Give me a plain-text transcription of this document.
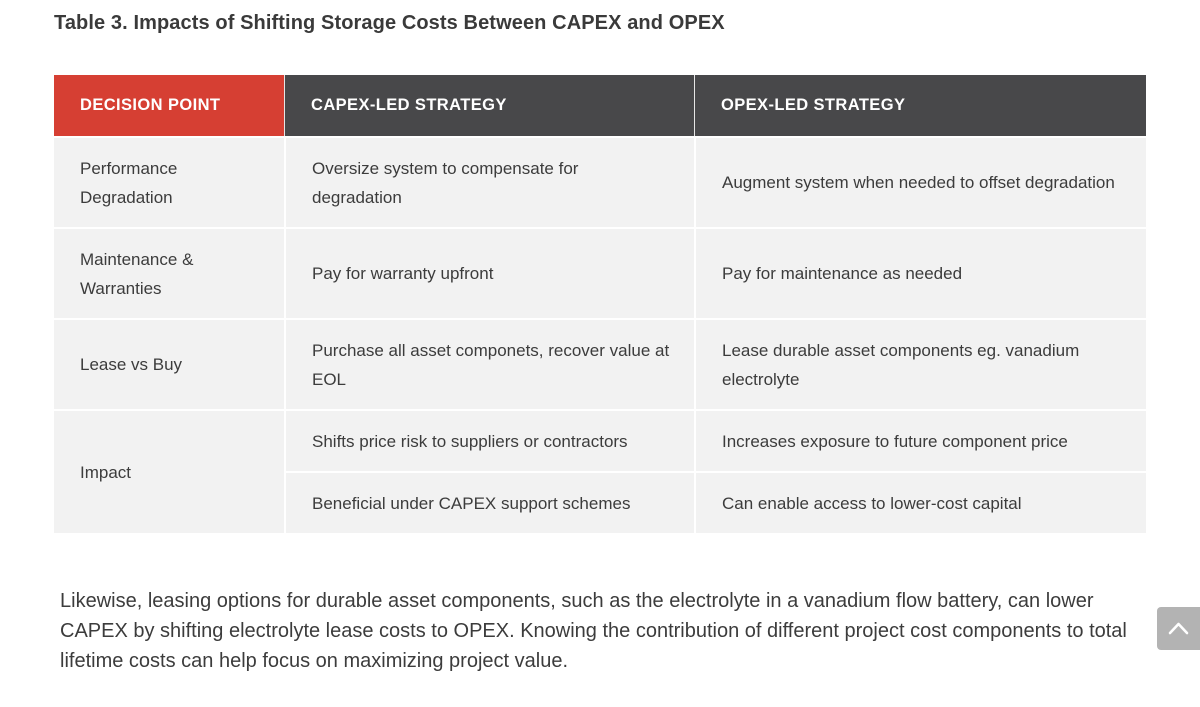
Table 3. Impacts of Shifting Storage Costs Between CAPEX and OPEX
DECISION POINT	CAPEX-LED STRATEGY	OPEX-LED STRATEGY
Performance Degradation	Oversize system to compensate for degradation	Augment system when needed to offset degradation
Maintenance & Warranties	Pay for warranty upfront	Pay for maintenance as needed
Lease vs Buy	Purchase all asset componets, recover value at EOL	Lease durable asset components eg. vanadium electrolyte
Impact	Shifts price risk to suppliers or contractors	Increases exposure to future component price
	Beneficial under CAPEX support schemes	Can enable access to lower-cost capital

Likewise, leasing options for durable asset components, such as the electrolyte in a vanadium flow battery, can lower CAPEX by shifting electrolyte lease costs to OPEX. Knowing the contribution of different project cost components to total lifetime costs can help focus on maximizing project value.
